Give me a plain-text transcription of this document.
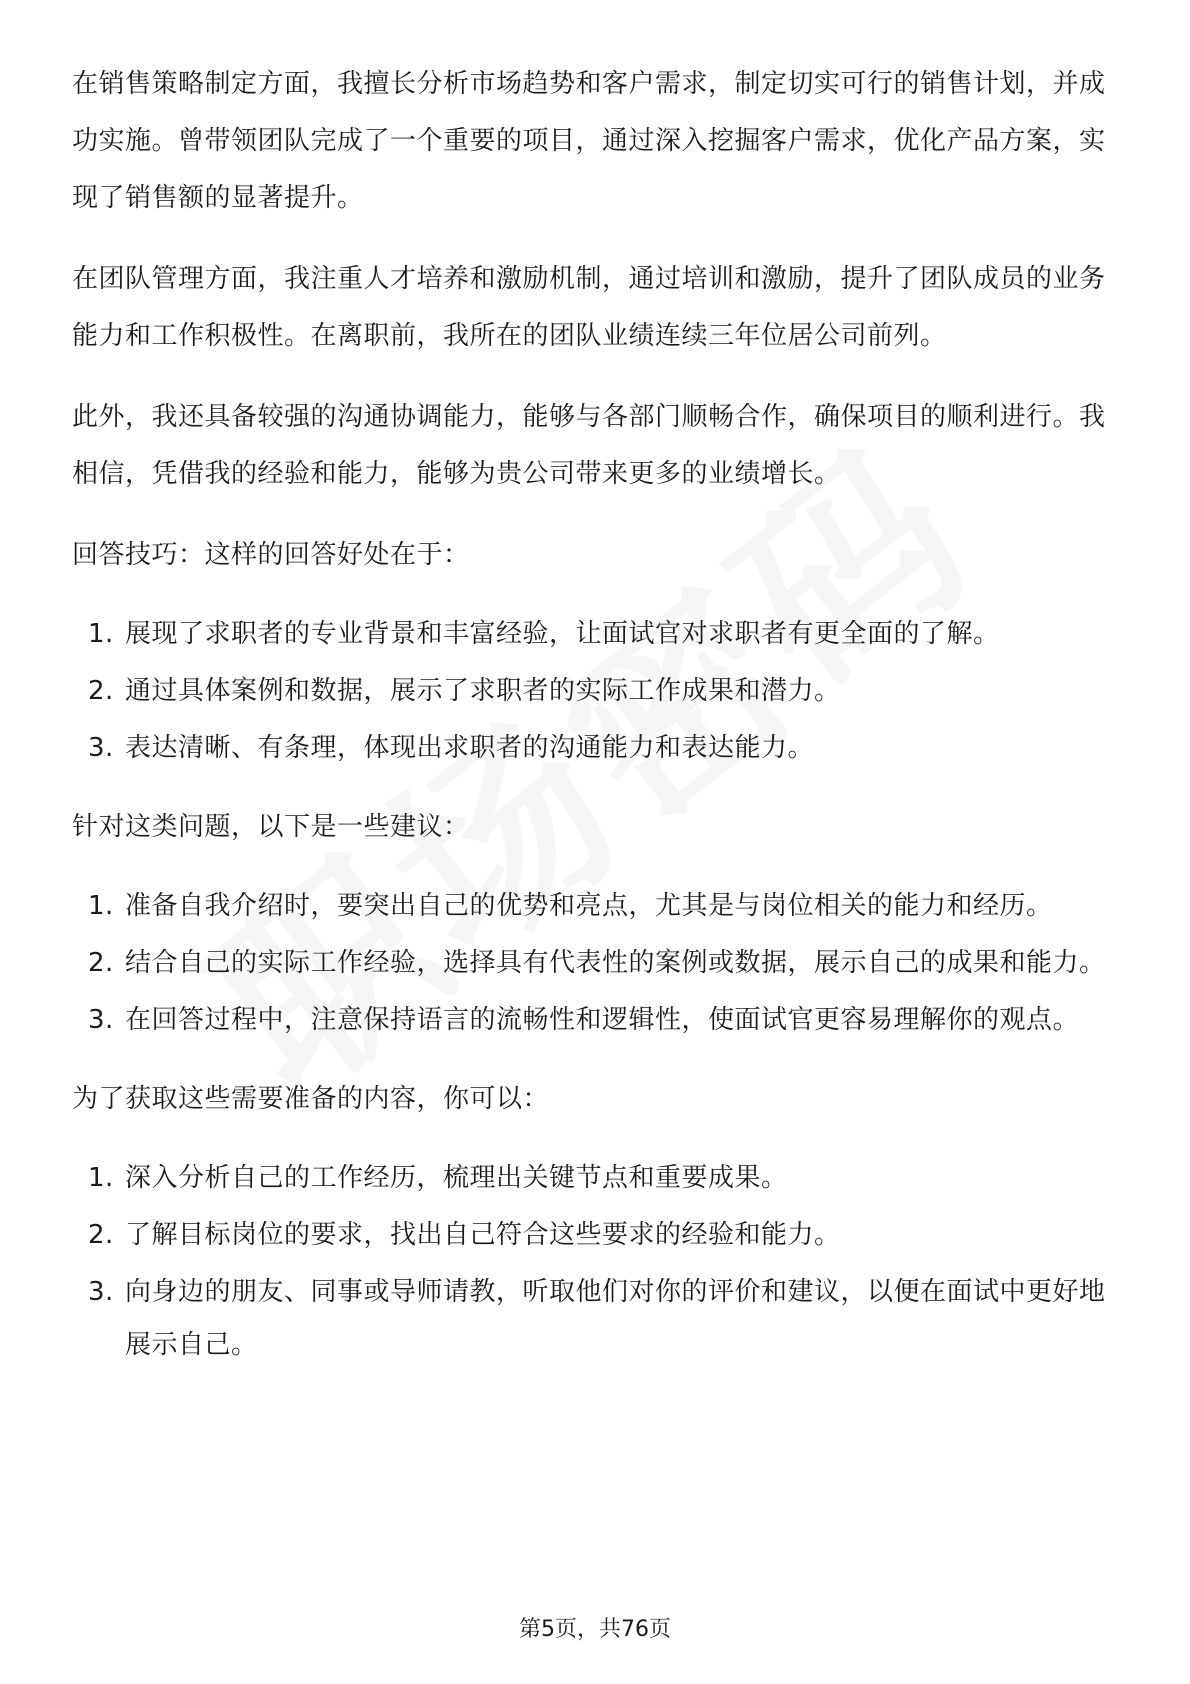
在销售策略制定方面，我擅长分析市场趋势和客户需求，制定切实可行的销售计划，并成功实施。曾带领团队完成了一个重要的项目，通过深入挖掘客户需求，优化产品方案，实现了销售额的显著提升。

在团队管理方面，我注重人才培养和激励机制，通过培训和激励，提升了团队成员的业务能力和工作积极性。在离职前，我所在的团队业绩连续三年位居公司前列。

此外，我还具备较强的沟通协调能力，能够与各部门顺畅合作，确保项目的顺利进行。我相信，凭借我的经验和能力，能够为贵公司带来更多的业绩增长。

回答技巧：这样的回答好处在于：

1. 展现了求职者的专业背景和丰富经验，让面试官对求职者有更全面的了解。
2. 通过具体案例和数据，展示了求职者的实际工作成果和潜力。
3. 表达清晰、有条理，体现出求职者的沟通能力和表达能力。

针对这类问题，以下是一些建议：

1. 准备自我介绍时，要突出自己的优势和亮点，尤其是与岗位相关的能力和经历。
2. 结合自己的实际工作经验，选择具有代表性的案例或数据，展示自己的成果和能力。
3. 在回答过程中，注意保持语言的流畅性和逻辑性，使面试官更容易理解你的观点。

为了获取这些需要准备的内容，你可以：

1. 深入分析自己的工作经历，梳理出关键节点和重要成果。
2. 了解目标岗位的要求，找出自己符合这些要求的经验和能力。
3. 向身边的朋友、同事或导师请教，听取他们对你的评价和建议，以便在面试中更好地展示自己。
第5页，共76页
